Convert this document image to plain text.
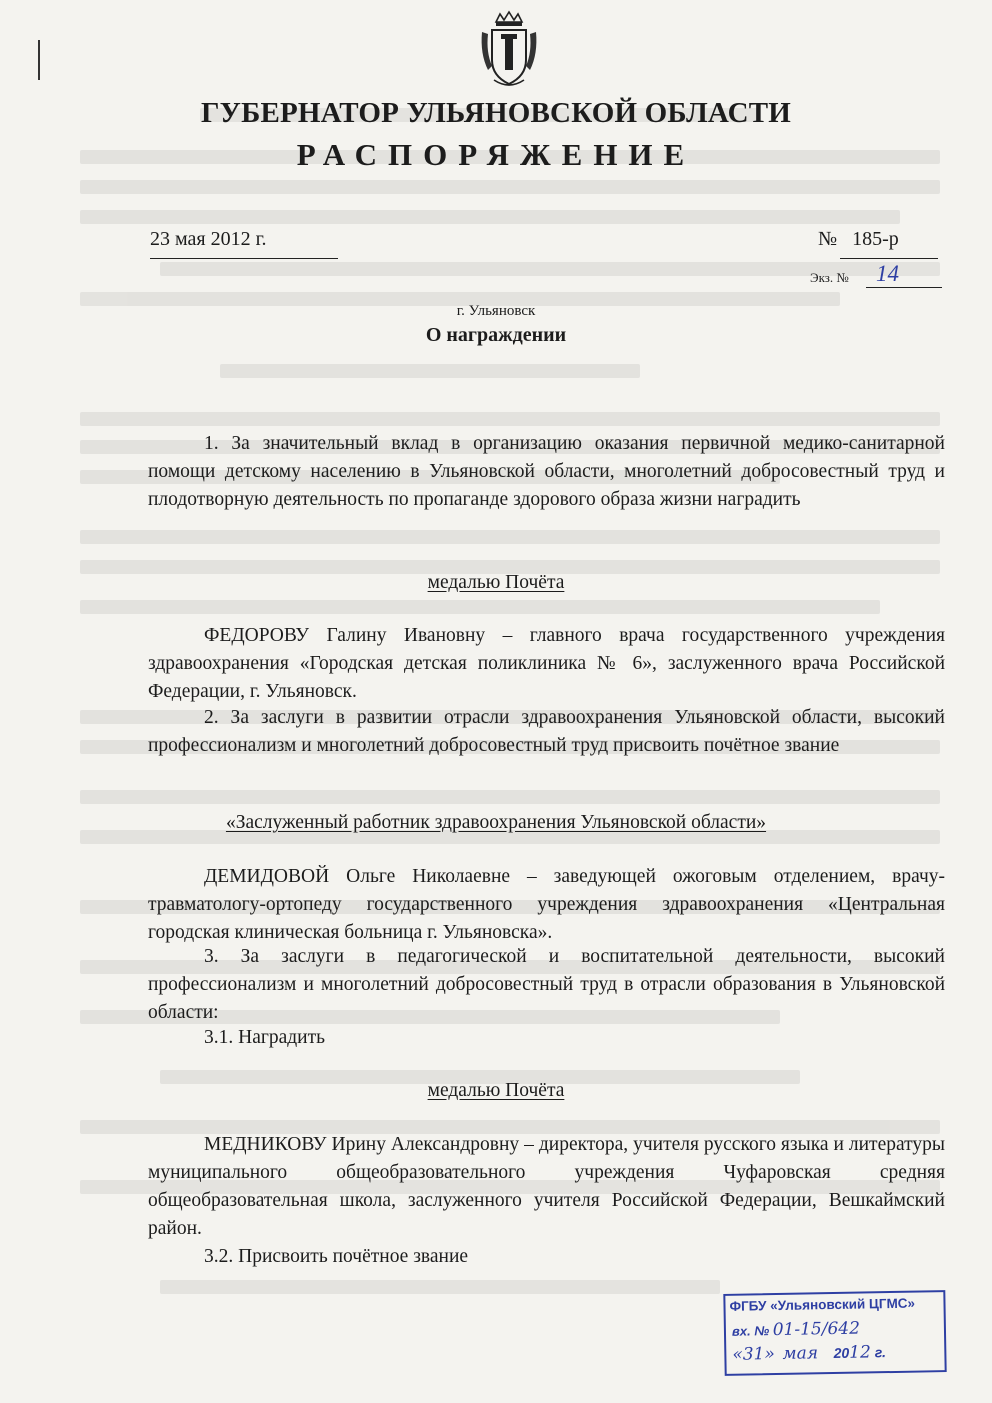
ГУБЕРНАТОР УЛЬЯНОВСКОЙ ОБЛАСТИ
РАСПОРЯЖЕНИЕ
23 мая 2012 г.	№ 185-р
Экз. № 14
г. Ульяновск
О награждении
1. За значительный вклад в организацию оказания первичной медико-санитарной помощи детскому населению в Ульяновской области, многолетний добросовестный труд и плодотворную деятельность по пропаганде здорового образа жизни наградить
медалью Почёта
ФЕДОРОВУ Галину Ивановну – главного врача государственного учреждения здравоохранения «Городская детская поликлиника № 6», заслуженного врача Российской Федерации, г. Ульяновск.
2. За заслуги в развитии отрасли здравоохранения Ульяновской области, высокий профессионализм и многолетний добросовестный труд присвоить почётное звание
«Заслуженный работник здравоохранения Ульяновской области»
ДЕМИДОВОЙ Ольге Николаевне – заведующей ожоговым отделением, врачу-травматологу-ортопеду государственного учреждения здравоохранения «Центральная городская клиническая больница г. Ульяновска».
3. За заслуги в педагогической и воспитательной деятельности, высокий профессионализм и многолетний добросовестный труд в отрасли образования в Ульяновской области:
3.1. Наградить
медалью Почёта
МЕДНИКОВУ Ирину Александровну – директора, учителя русского языка и литературы муниципального общеобразовательного учреждения Чуфаровская средняя общеобразовательная школа, заслуженного учителя Российской Федерации, Вешкаймский район.
3.2. Присвоить почётное звание
ФГБУ «Ульяновский ЦГМС»
вх. № 01-15/642
«31» мая 2012 г.
